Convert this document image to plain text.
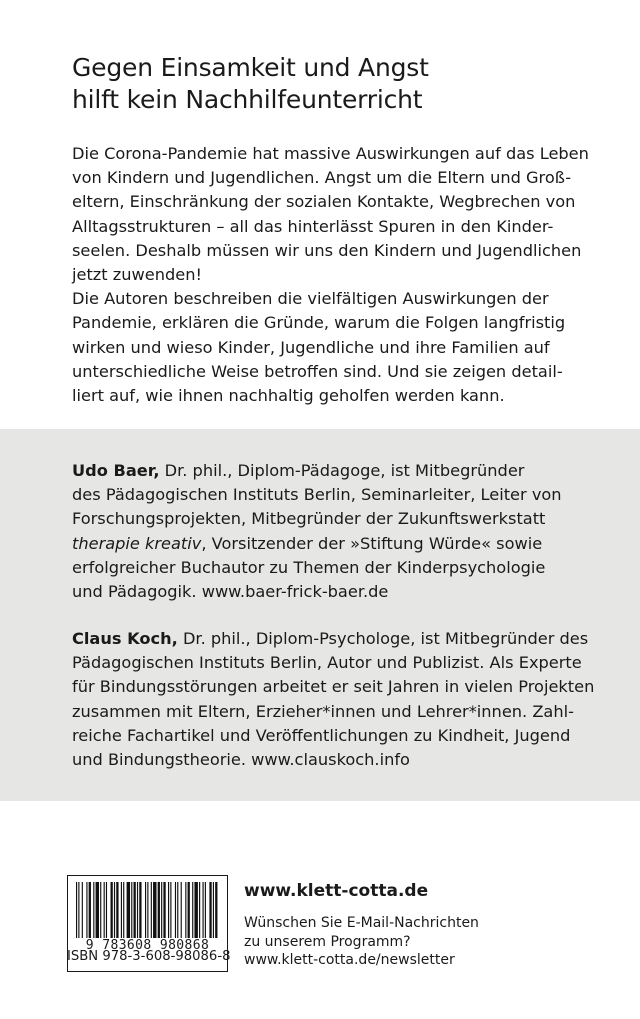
Gegen Einsamkeit und Angst
hilft kein Nachhilfeunterricht
Die Corona-Pandemie hat massive Auswirkungen auf das Leben
von Kindern und Jugendlichen. Angst um die Eltern und Groß-
eltern, Einschränkung der sozialen Kontakte, Wegbrechen von
Alltagsstrukturen – all das hinterlässt Spuren in den Kinder-
seelen. Deshalb müssen wir uns den Kindern und Jugendlichen
jetzt zuwenden!
Die Autoren beschreiben die vielfältigen Auswirkungen der
Pandemie, erklären die Gründe, warum die Folgen langfristig
wirken und wieso Kinder, Jugendliche und ihre Familien auf
unterschiedliche Weise betroffen sind. Und sie zeigen detail-
liert auf, wie ihnen nachhaltig geholfen werden kann.
Udo Baer, Dr. phil., Diplom-Pädagoge, ist Mitbegründer
des Pädagogischen Instituts Berlin, Seminarleiter, Leiter von
Forschungsprojekten, Mitbegründer der Zukunftswerkstatt
therapie kreativ, Vorsitzender der »Stiftung Würde« sowie
erfolgreicher Buchautor zu Themen der Kinderpsychologie
und Pädagogik. www.baer-frick-baer.de
Claus Koch, Dr. phil., Diplom-Psychologe, ist Mitbegründer des
Pädagogischen Instituts Berlin, Autor und Publizist. Als Experte
für Bindungsstörungen arbeitet er seit Jahren in vielen Projekten
zusammen mit Eltern, Erzieher*innen und Lehrer*innen. Zahl-
reiche Fachartikel und Veröffentlichungen zu Kindheit, Jugend
und Bindungstheorie. www.clauskoch.info
9 783608 980868
ISBN 978-3-608-98086-8
www.klett-cotta.de
Wünschen Sie E-Mail-Nachrichten
zu unserem Programm?
www.klett-cotta.de/newsletter
